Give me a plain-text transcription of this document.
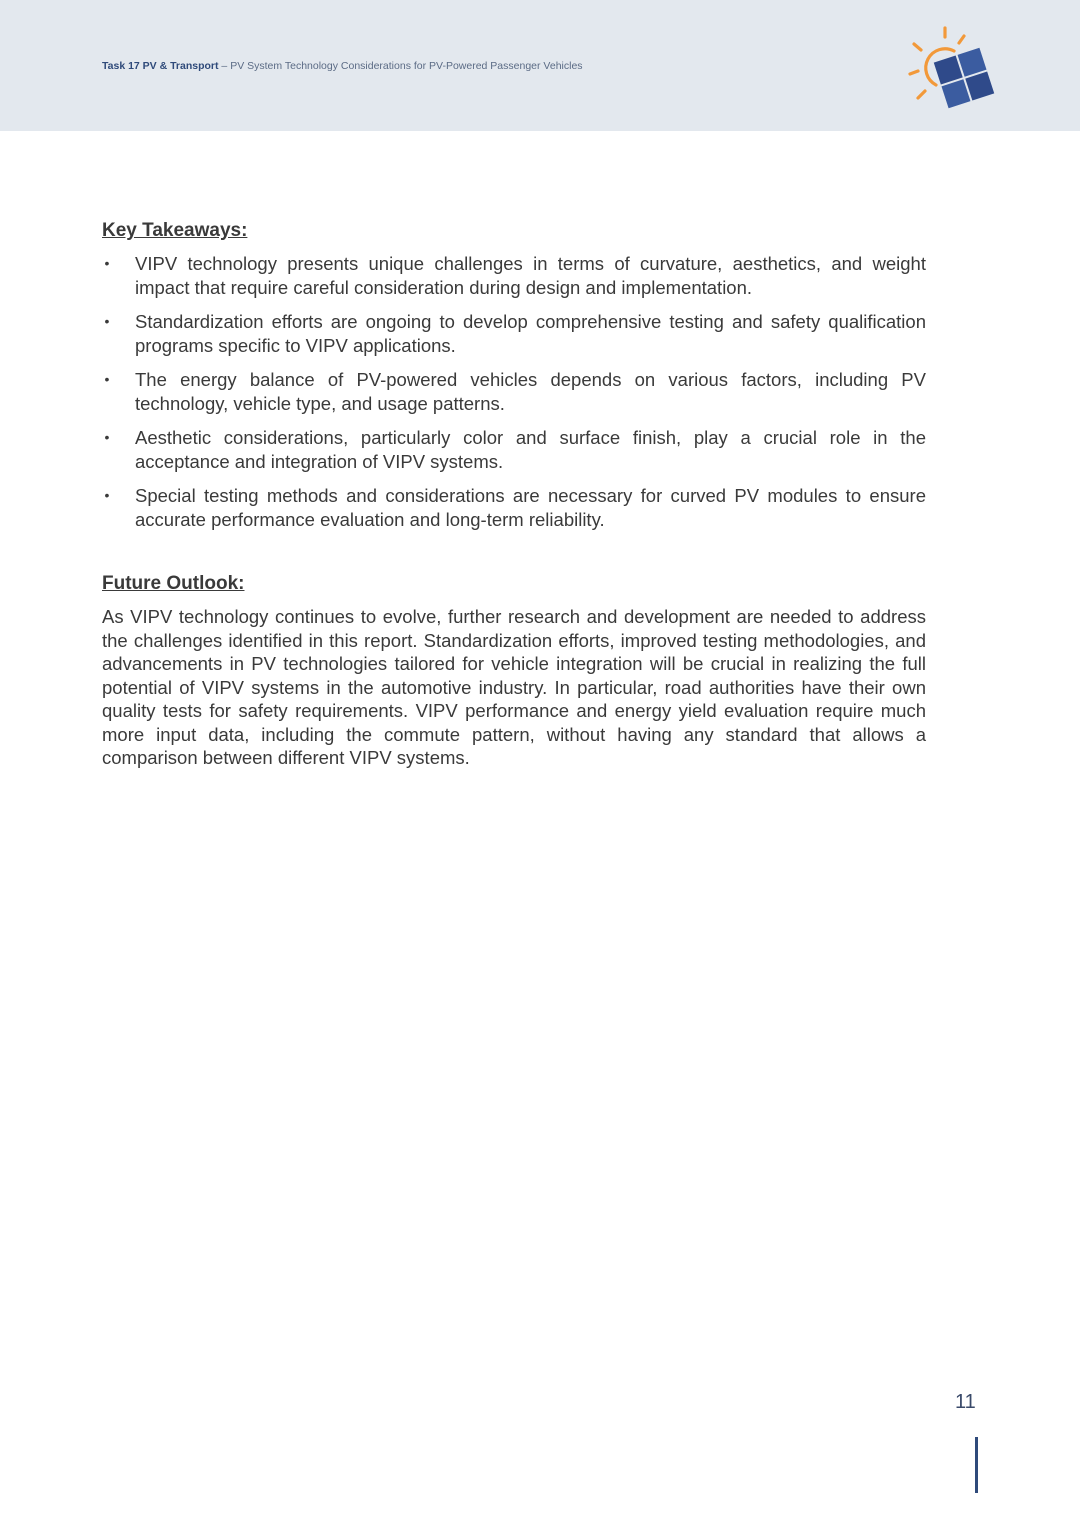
Task 17 PV & Transport – PV System Technology Considerations for PV-Powered Passenger Vehicles
Key Takeaways:
• VIPV technology presents unique challenges in terms of curvature, aesthetics, and weight impact that require careful consideration during design and implementation.
• Standardization efforts are ongoing to develop comprehensive testing and safety qualification programs specific to VIPV applications.
• The energy balance of PV-powered vehicles depends on various factors, including PV technology, vehicle type, and usage patterns.
• Aesthetic considerations, particularly color and surface finish, play a crucial role in the acceptance and integration of VIPV systems.
• Special testing methods and considerations are necessary for curved PV modules to ensure accurate performance evaluation and long-term reliability.
Future Outlook:

As VIPV technology continues to evolve, further research and development are needed to address the challenges identified in this report. Standardization efforts, improved testing methodologies, and advancements in PV technologies tailored for vehicle integration will be crucial in realizing the full potential of VIPV systems in the automotive industry. In particular, road authorities have their own quality tests for safety requirements. VIPV performance and energy yield evaluation require much more input data, including the commute pattern, without having any standard that allows a comparison between different VIPV systems.

11
